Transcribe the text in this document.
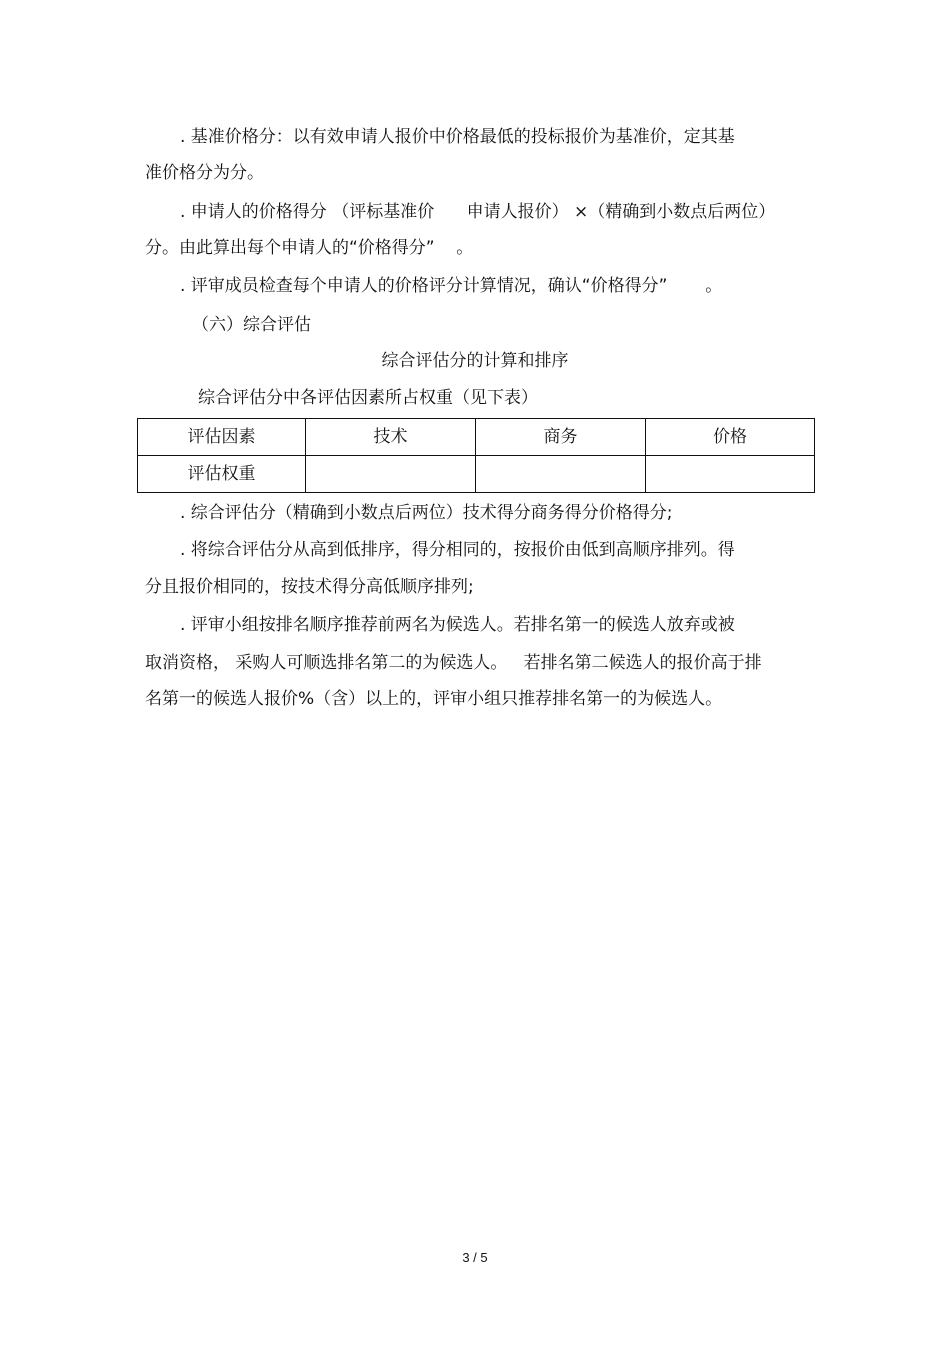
. 基准价格分：以有效申请人报价中价格最低的投标报价为基准价，定其基
准价格分为分。
. 申请人的价格得分 （评标基准价      申请人报价） ×（精确到小数点后两位）
分。由此算出每个申请人的“价格得分”    。
. 评审成员检查每个申请人的价格评分计算情况，确认“价格得分”       。
（六）综合评估
综合评估分的计算和排序
综合评估分中各评估因素所占权重（见下表）
评估因素	技术	商务	价格
评估权重			
. 综合评估分（精确到小数点后两位）技术得分商务得分价格得分;
. 将综合评估分从高到低排序，得分相同的，按报价由低到高顺序排列。得
分且报价相同的，按技术得分高低顺序排列;
. 评审小组按排名顺序推荐前两名为候选人。若排名第一的候选人放弃或被
取消资格， 采购人可顺选排名第二的为候选人。   若排名第二候选人的报价高于排
名第一的候选人报价%（含）以上的，评审小组只推荐排名第一的为候选人。
3 / 5
